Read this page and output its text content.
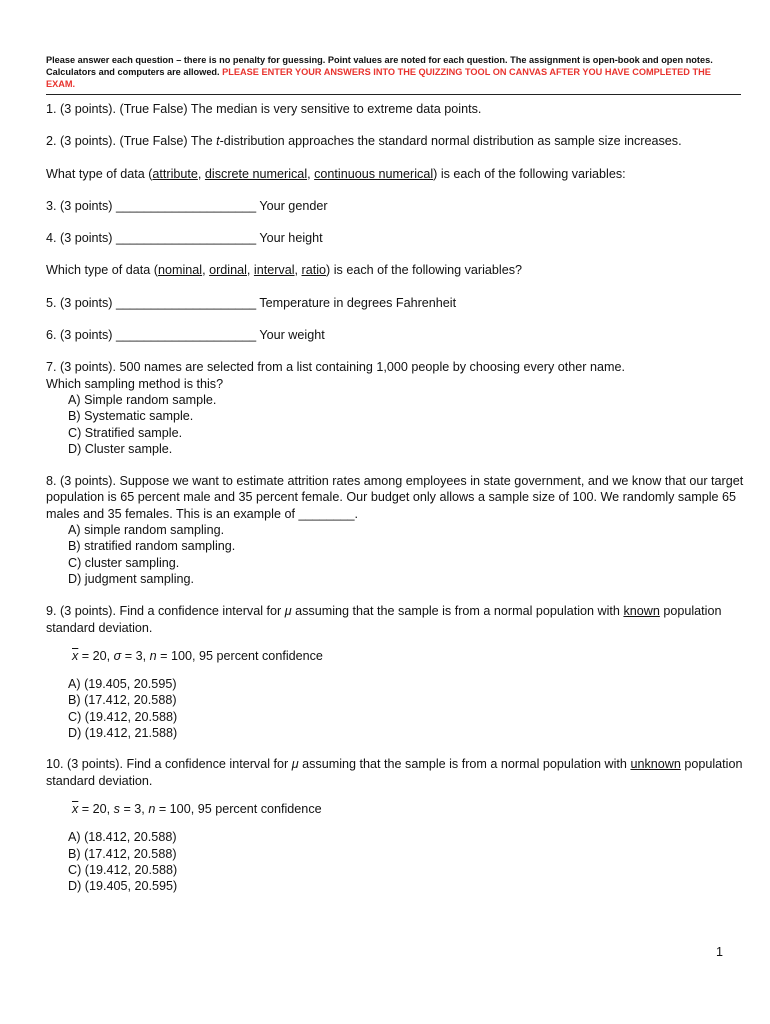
Please answer each question – there is no penalty for guessing. Point values are noted for each question. The assignment is open-book and open notes. Calculators and computers are allowed. PLEASE ENTER YOUR ANSWERS INTO THE QUIZZING TOOL ON CANVAS AFTER YOU HAVE COMPLETED THE EXAM.

1. (3 points). (True False) The median is very sensitive to extreme data points.

2. (3 points). (True False) The t-distribution approaches the standard normal distribution as sample size increases.

What type of data (attribute, discrete numerical, continuous numerical) is each of the following variables:

3. (3 points) ____________________ Your gender

4. (3 points) ____________________ Your height

Which type of data (nominal, ordinal, interval, ratio) is each of the following variables?

5. (3 points) ____________________ Temperature in degrees Fahrenheit

6. (3 points) ____________________ Your weight

7. (3 points). 500 names are selected from a list containing 1,000 people by choosing every other name.

Which sampling method is this?

A) Simple random sample.
B) Systematic sample.
C) Stratified sample.
D) Cluster sample.

8. (3 points). Suppose we want to estimate attrition rates among employees in state government, and we know that our target population is 65 percent male and 35 percent female. Our budget only allows a sample size of 100. We randomly sample 65 males and 35 females. This is an example of ________.

A) simple random sampling.
B) stratified random sampling.
C) cluster sampling.
D) judgment sampling.

9. (3 points). Find a confidence interval for μ assuming that the sample is from a normal population with known population standard deviation.

$\overline{x} = 20$, σ = 3, n = 100, 95 percent confidence

A) (19.405, 20.595)
B) (17.412, 20.588)
C) (19.412, 20.588)
D) (19.412, 21.588)

10. (3 points). Find a confidence interval for μ assuming that the sample is from a normal population with unknown population standard deviation.

$\overline{x} = 20$, s = 3, n = 100, 95 percent confidence

A) (18.412, 20.588)
B) (17.412, 20.588)
C) (19.412, 20.588)
D) (19.405, 20.595)
1
